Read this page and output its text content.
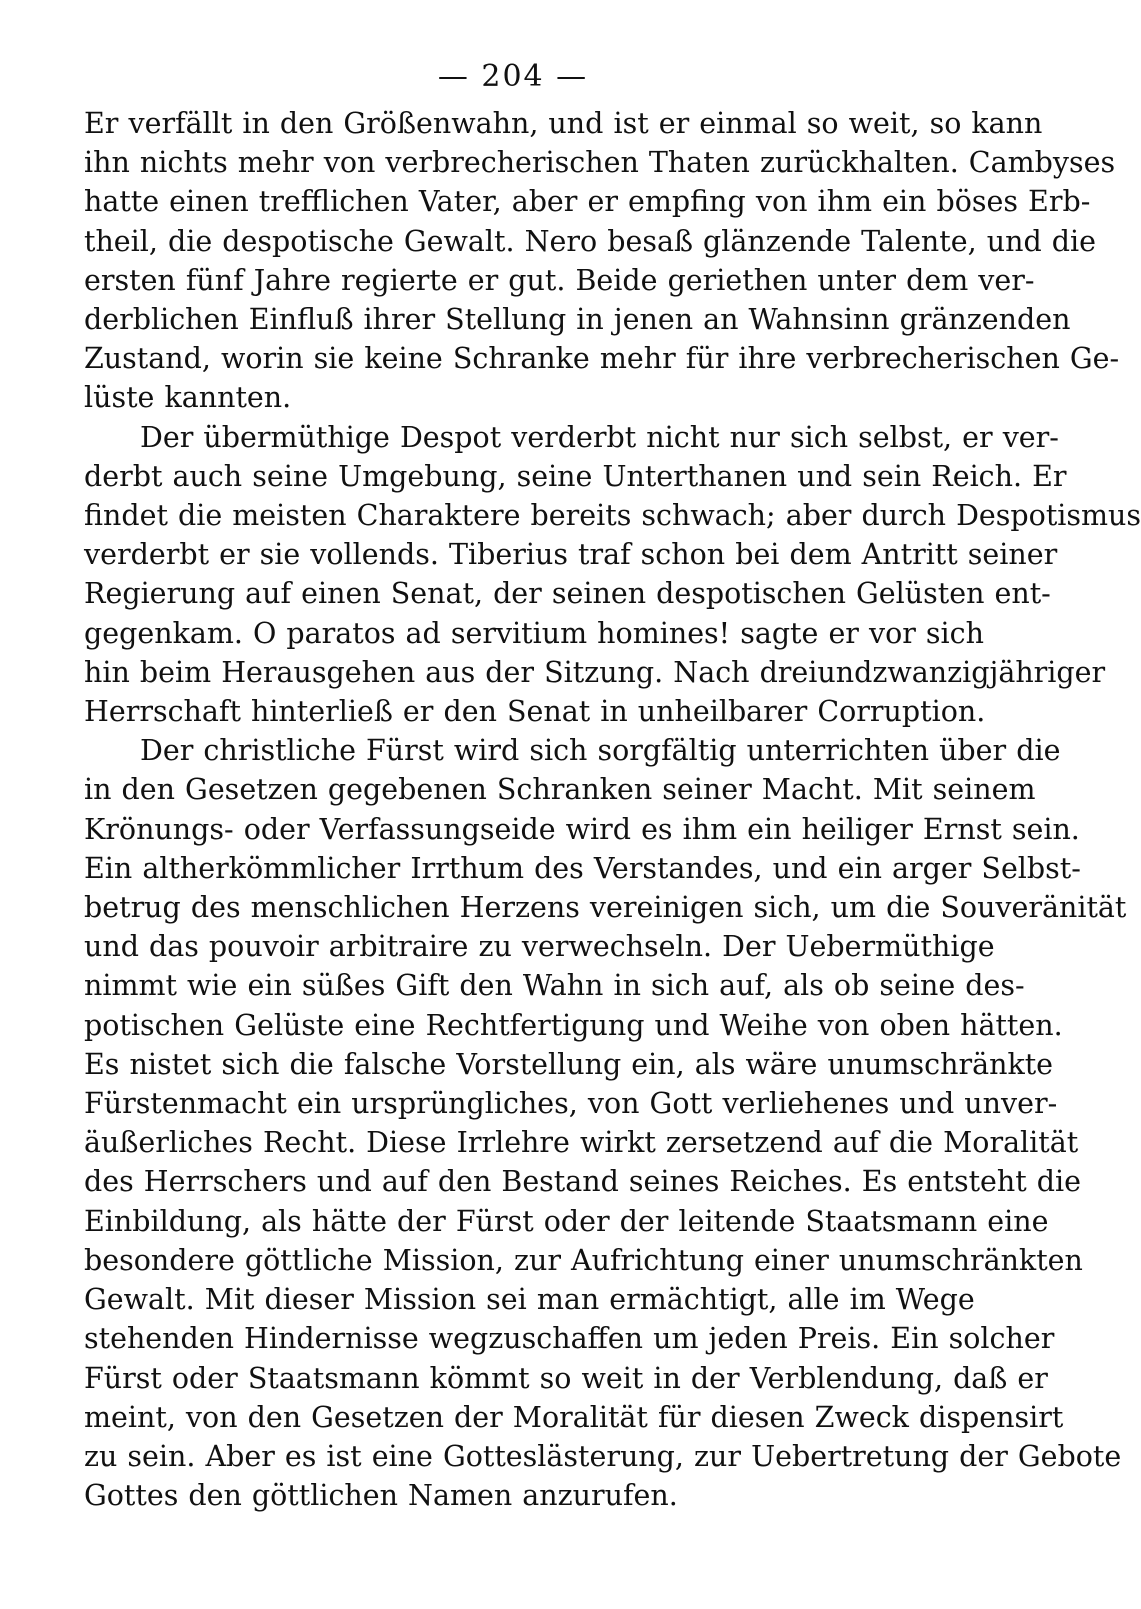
— 204 —
Er verfällt in den Größenwahn, und ist er einmal so weit, so kann
ihn nichts mehr von verbrecherischen Thaten zurückhalten. Cambyses
hatte einen trefflichen Vater, aber er empfing von ihm ein böses Erb-
theil, die despotische Gewalt. Nero besaß glänzende Talente, und die
ersten fünf Jahre regierte er gut. Beide geriethen unter dem ver-
derblichen Einfluß ihrer Stellung in jenen an Wahnsinn gränzenden
Zustand, worin sie keine Schranke mehr für ihre verbrecherischen Ge-
lüste kannten.
Der übermüthige Despot verderbt nicht nur sich selbst, er ver-
derbt auch seine Umgebung, seine Unterthanen und sein Reich. Er
findet die meisten Charaktere bereits schwach; aber durch Despotismus
verderbt er sie vollends. Tiberius traf schon bei dem Antritt seiner
Regierung auf einen Senat, der seinen despotischen Gelüsten ent-
gegenkam. O paratos ad servitium homines! sagte er vor sich
hin beim Herausgehen aus der Sitzung. Nach dreiundzwanzigjähriger
Herrschaft hinterließ er den Senat in unheilbarer Corruption.
Der christliche Fürst wird sich sorgfältig unterrichten über die
in den Gesetzen gegebenen Schranken seiner Macht. Mit seinem
Krönungs- oder Verfassungseide wird es ihm ein heiliger Ernst sein.
Ein altherkömmlicher Irrthum des Verstandes, und ein arger Selbst-
betrug des menschlichen Herzens vereinigen sich, um die Souveränität
und das pouvoir arbitraire zu verwechseln. Der Uebermüthige
nimmt wie ein süßes Gift den Wahn in sich auf, als ob seine des-
potischen Gelüste eine Rechtfertigung und Weihe von oben hätten.
Es nistet sich die falsche Vorstellung ein, als wäre unumschränkte
Fürstenmacht ein ursprüngliches, von Gott verliehenes und unver-
äußerliches Recht. Diese Irrlehre wirkt zersetzend auf die Moralität
des Herrschers und auf den Bestand seines Reiches. Es entsteht die
Einbildung, als hätte der Fürst oder der leitende Staatsmann eine
besondere göttliche Mission, zur Aufrichtung einer unumschränkten
Gewalt. Mit dieser Mission sei man ermächtigt, alle im Wege
stehenden Hindernisse wegzuschaffen um jeden Preis. Ein solcher
Fürst oder Staatsmann kömmt so weit in der Verblendung, daß er
meint, von den Gesetzen der Moralität für diesen Zweck dispensirt
zu sein. Aber es ist eine Gotteslästerung, zur Uebertretung der Gebote
Gottes den göttlichen Namen anzurufen.
